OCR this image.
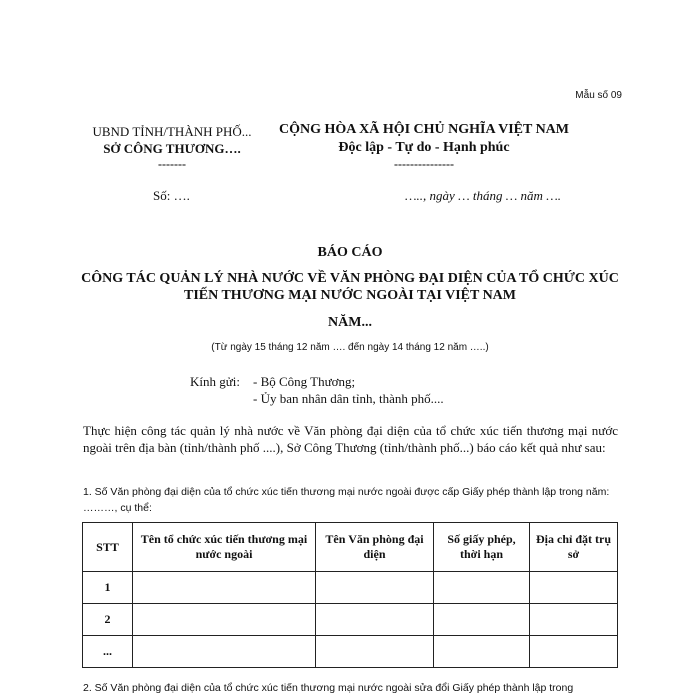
Mẫu số 09
UBND TỈNH/THÀNH PHỐ...
SỞ CÔNG THƯƠNG….
-------
CỘNG HÒA XÃ HỘI CHỦ NGHĨA VIỆT NAM
Độc lập - Tự do - Hạnh phúc
---------------
Số: ….	….., ngày … tháng … năm ….
BÁO CÁO
CÔNG TÁC QUẢN LÝ NHÀ NƯỚC VỀ VĂN PHÒNG ĐẠI DIỆN CỦA TỔ CHỨC XÚC
TIẾN THƯƠNG MẠI NƯỚC NGOÀI TẠI VIỆT NAM
NĂM...
(Từ ngày 15 tháng 12 năm …. đến ngày 14 tháng 12 năm …..)
Kính gửi: - Bộ Công Thương;
- Ủy ban nhân dân tỉnh, thành phố....
Thực hiện công tác quản lý nhà nước về Văn phòng đại diện của tổ chức xúc tiến thương mại nước ngoài trên địa bàn (tỉnh/thành phố ....), Sở Công Thương (tỉnh/thành phố...) báo cáo kết quả như sau:
1. Số Văn phòng đại diện của tổ chức xúc tiến thương mại nước ngoài được cấp Giấy phép thành lập trong năm: ………, cụ thể:
STT	Tên tổ chức xúc tiến thương mại nước ngoài	Tên Văn phòng đại diện	Số giấy phép, thời hạn	Địa chỉ đặt trụ sở
1				
2				
...				
2. Số Văn phòng đại diện của tổ chức xúc tiến thương mại nước ngoài sửa đổi Giấy phép thành lập trong
